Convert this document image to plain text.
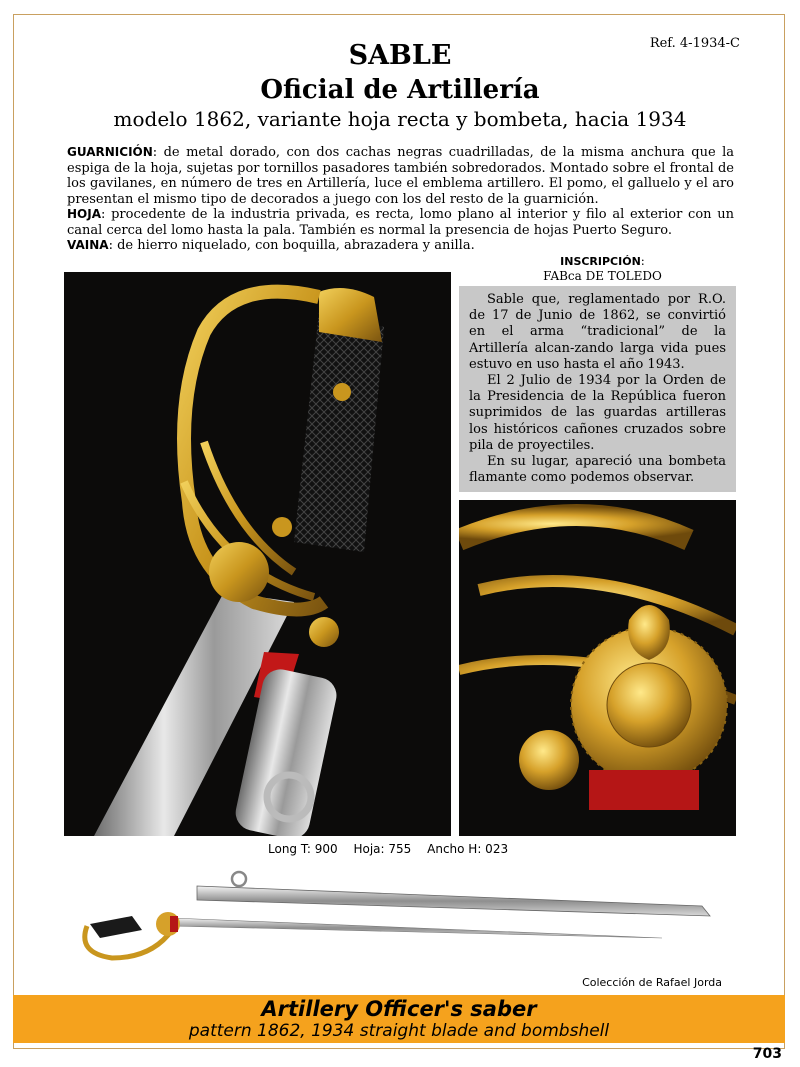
Ref. 4-1934-C
SABLE
Oficial de Artillería
modelo 1862, variante hoja recta y bombeta, hacia 1934

GUARNICIÓN: de metal dorado, con dos cachas negras cuadrilladas, de la misma anchura que la espiga de la hoja, sujetas por tornillos pasadores también sobredorados. Montado sobre el frontal de los gavilanes, en número de tres en Artillería, luce el emblema artillero. El pomo, el galluelo y el aro presentan el mismo tipo de decorados a juego con los del resto de la guarnición.

HOJA: procedente de la industria privada, es recta, lomo plano al interior y filo al exterior con un canal cerca del lomo hasta la pala. También es normal la presencia de hojas Puerto Seguro.

VAINA: de hierro niquelado, con boquilla, abrazadera y anilla.

INSCRIPCIÓN:
FABca DE TOLEDO

Sable que, reglamentado por R.O. de 17 de Junio de 1862, se convirtió en el arma “tradicional” de la Artillería alcan-zando larga vida pues estuvo en uso hasta el año 1943.

El 2 Julio de 1934 por la Orden de la Presidencia de la República fueron suprimidos de las guardas artilleras los históricos cañones cruzados sobre pila de proyectiles.

En su lugar, apareció una bombeta flamante como podemos observar.

Long T: 900 Hoja: 755 Ancho H: 023
Colección de Rafael Jorda
Artillery Officer's saber
pattern 1862, 1934 straight blade and bombshell
703
